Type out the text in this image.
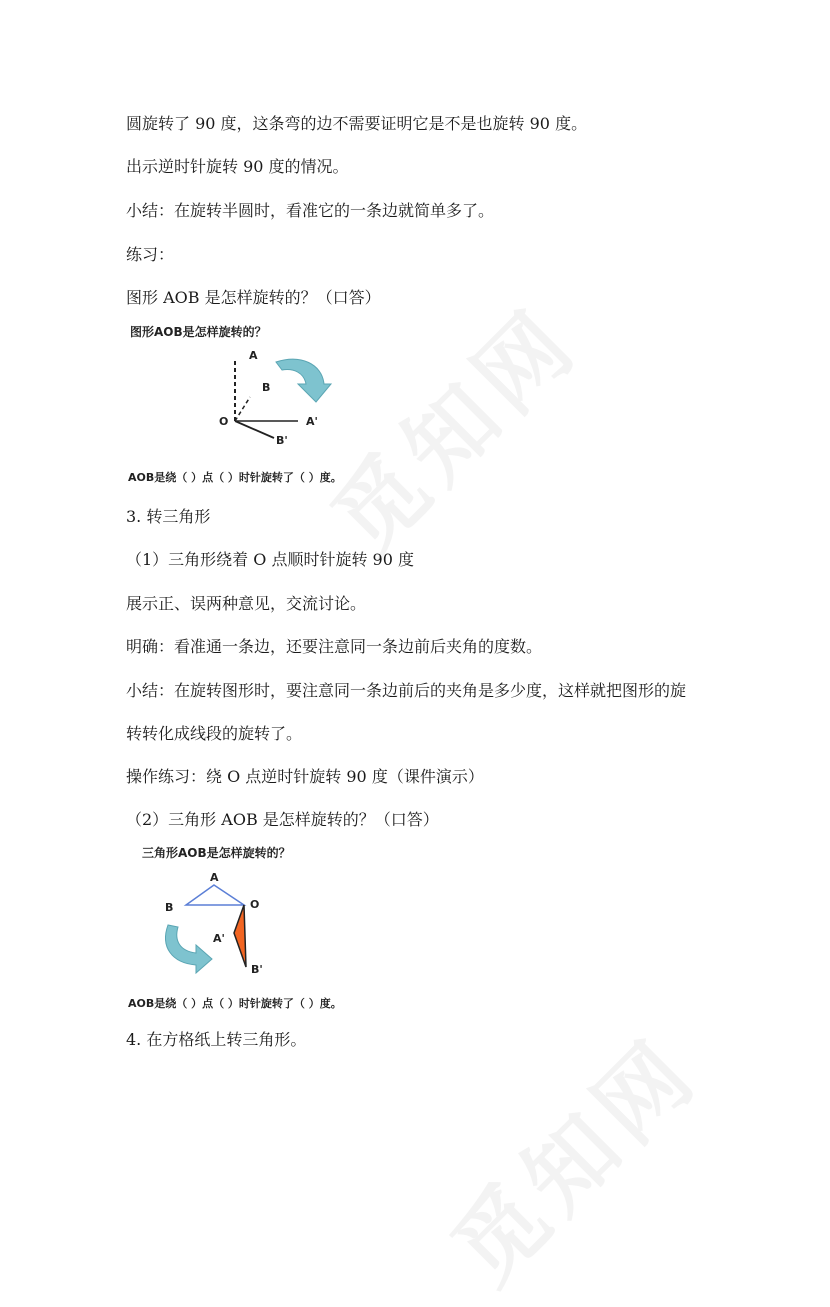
圆旋转了 90 度，这条弯的边不需要证明它是不是也旋转 90 度。
出示逆时针旋转 90 度的情况。
小结：在旋转半圆时，看准它的一条边就简单多了。
练习：
图形 AOB 是怎样旋转的？（口答）
图形AOB是怎样旋转的？
A
B
O	A'
B'
AOB是绕（ ）点（ ）时针旋转了（ ）度。
3. 转三角形
（1）三角形绕着 O 点顺时针旋转 90 度
展示正、误两种意见，交流讨论。
明确：看准通一条边，还要注意同一条边前后夹角的度数。
小结：在旋转图形时，要注意同一条边前后的夹角是多少度，这样就把图形的旋
转转化成线段的旋转了。
操作练习：绕 O 点逆时针旋转 90 度（课件演示）
（2）三角形 AOB 是怎样旋转的？（口答）
三角形AOB是怎样旋转的？
A
B	O
A'
B'
AOB是绕（ ）点（ ）时针旋转了（ ）度。
4. 在方格纸上转三角形。
